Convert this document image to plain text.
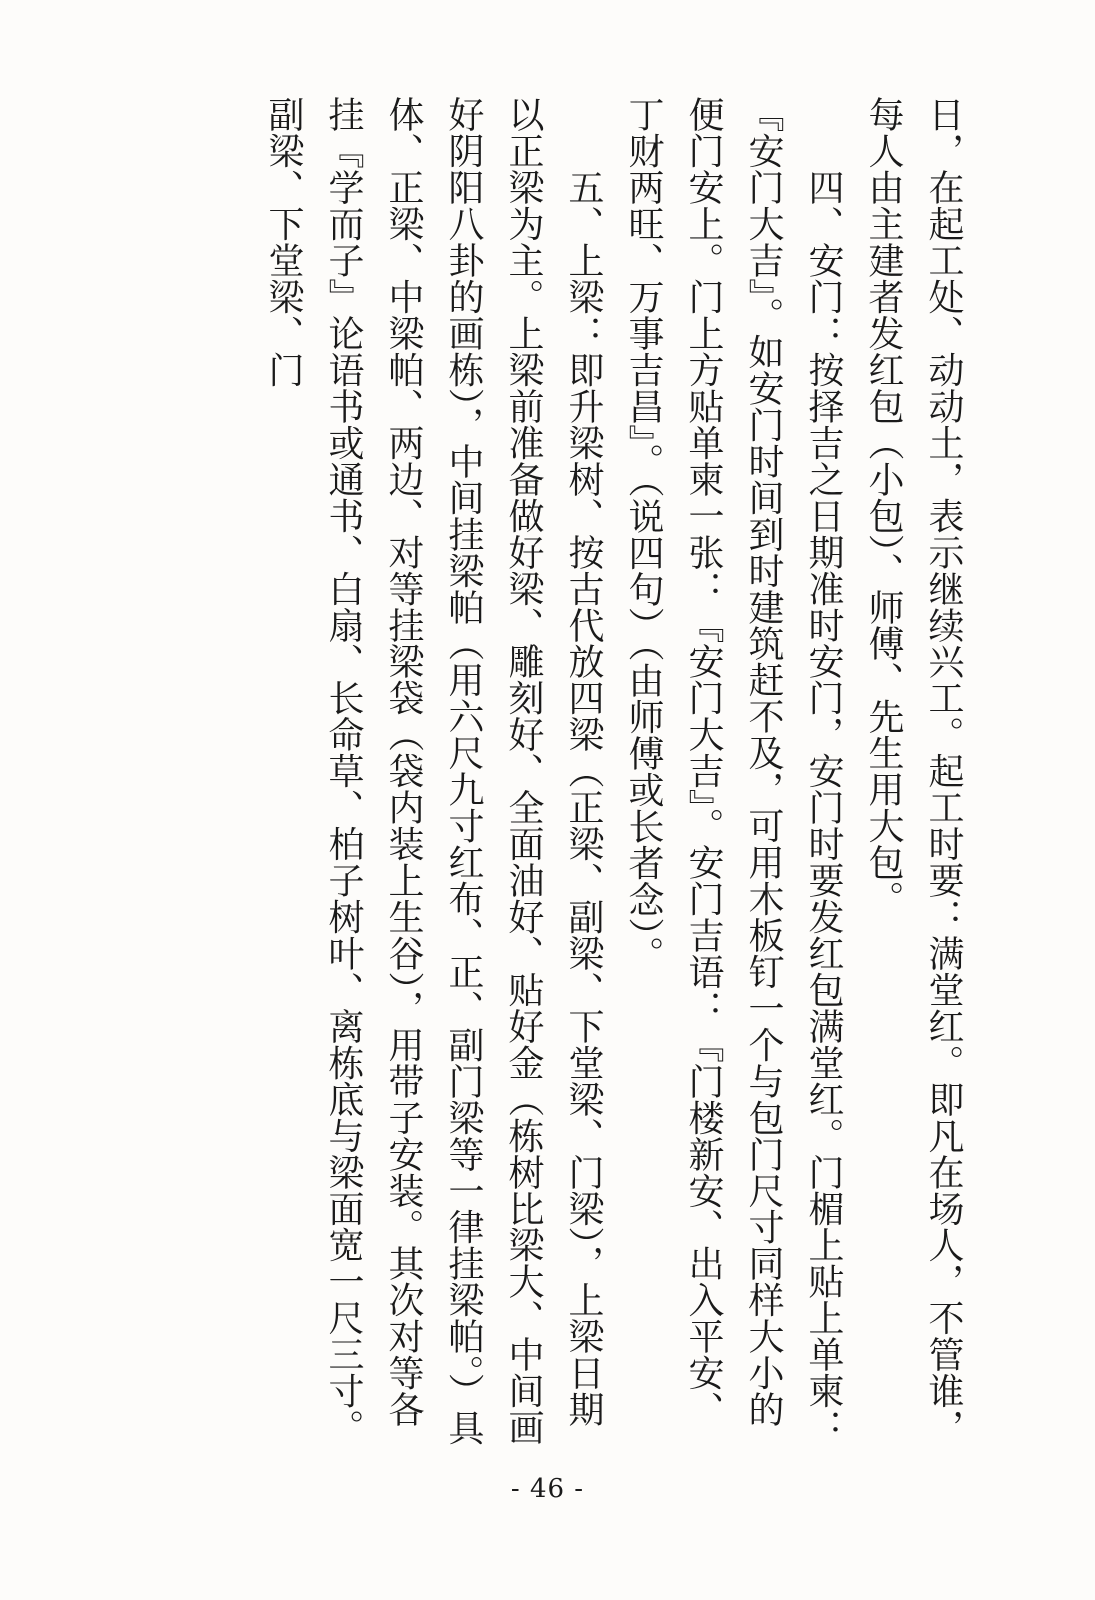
日，在起工处、动动土，表示继续兴工。起工时要：满堂红。即凡在场人，不管谁，每人由主建者发红包（小包）、师傅、先生用大包。

　　四、安门：按择吉之日期准时安门，安门时要发红包满堂红。门楣上贴上单柬：『安门大吉』。如安门时间到时建筑赶不及，可用木板钉一个与包门尺寸同样大小的便门安上。门上方贴单柬一张：『安门大吉』。安门吉语：『门楼新安、出入平安、丁财两旺、万事吉昌』。（说四句）（由师傅或长者念）。

　　五、上梁：即升梁树、按古代放四梁（正梁、副梁、下堂梁、门梁），上梁日期以正梁为主。上梁前准备做好梁、雕刻好、全面油好、贴好金（栋树比梁大、中间画好阴阳八卦的画栋），中间挂梁帕（用六尺九寸红布、正、副门梁等一律挂梁帕。）具体、正梁、中梁帕、两边、对等挂梁袋（袋内装上生谷），用带子安装。其次对等各挂『学而子』论语书或通书、白扇、长命草、柏子树叶、离栋底与梁面宽一尺三寸。副梁、下堂梁、门

- 46 -
